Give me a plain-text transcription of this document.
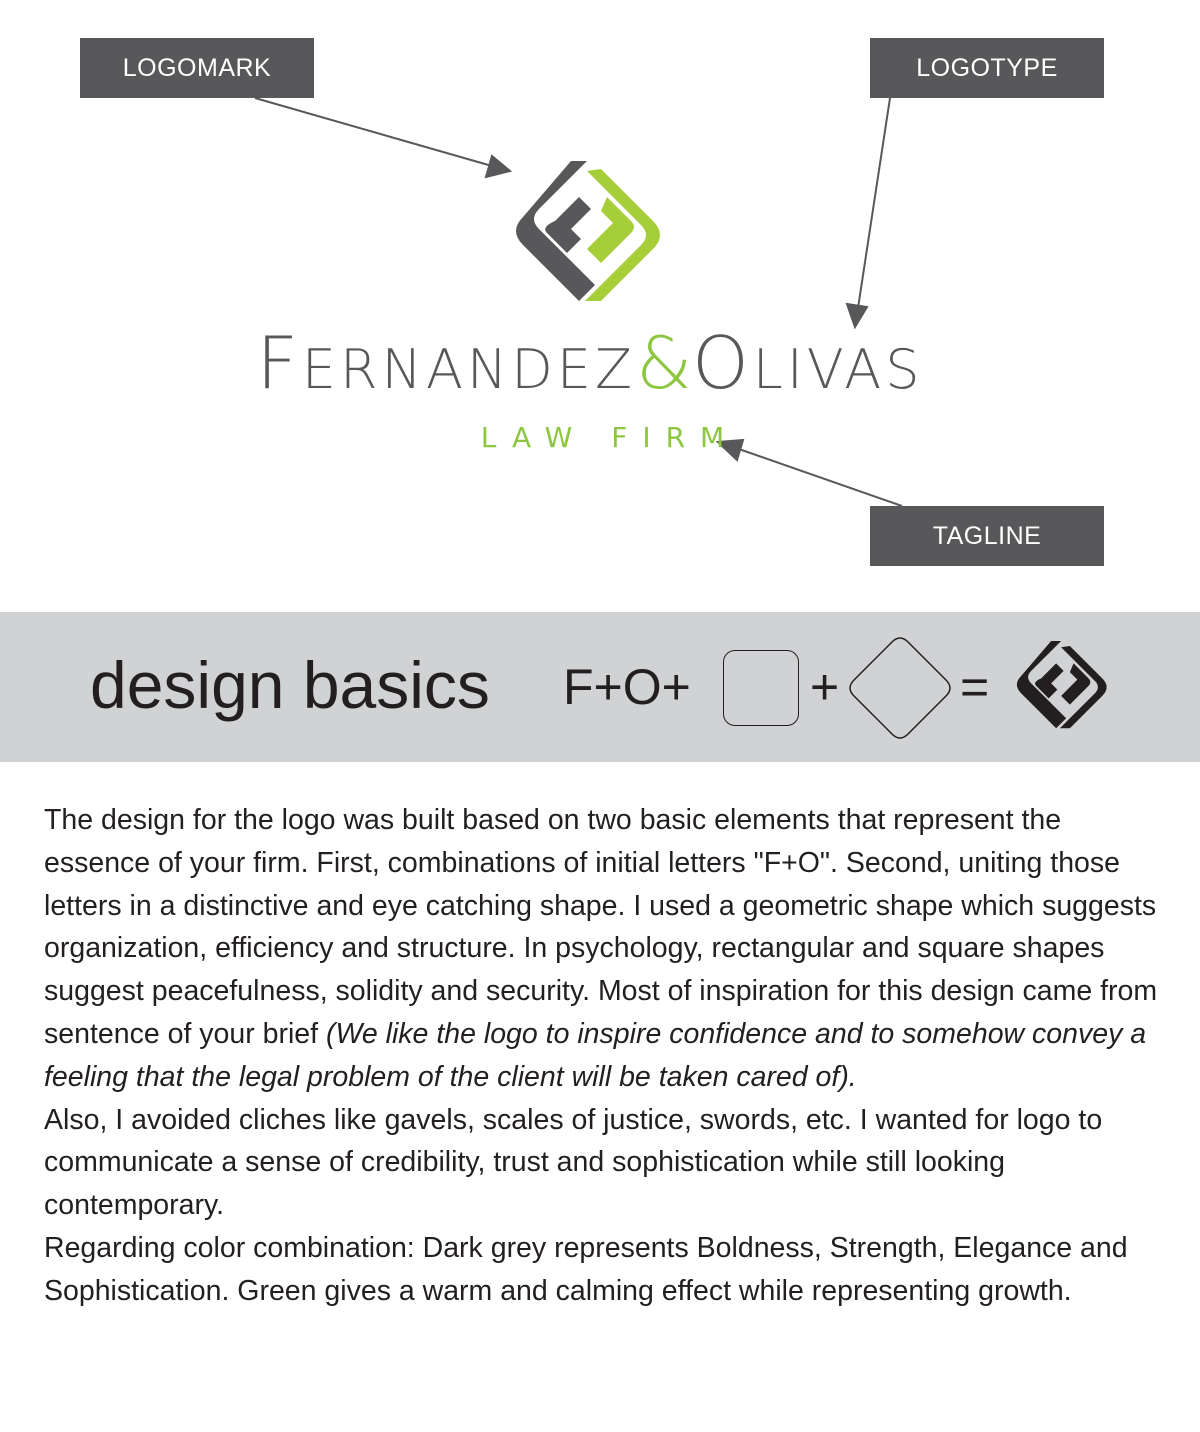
LOGOMARK	LOGOTYPE
TAGLINE
FERNANDEZ&OLIVAS
LAW FIRM
design basics F+O+ + =

The design for the logo was built based on two basic elements that represent the essence of your firm. First, combinations of initial letters "F+O". Second, uniting those letters in a distinctive and eye catching shape. I used a geometric shape which suggests organization, efficiency and structure. In psychology, rectangular and square shapes suggest peacefulness, solidity and security. Most of inspiration for this design came from sentence of your brief (We like the logo to inspire confidence and to somehow convey a feeling that the legal problem of the client will be taken cared of).

Also, I avoided cliches like gavels, scales of justice, swords, etc. I wanted for logo to communicate a sense of credibility, trust and sophistication while still looking contemporary.

Regarding color combination: Dark grey represents Boldness, Strength, Elegance and Sophistication. Green gives a warm and calming effect while representing growth.
